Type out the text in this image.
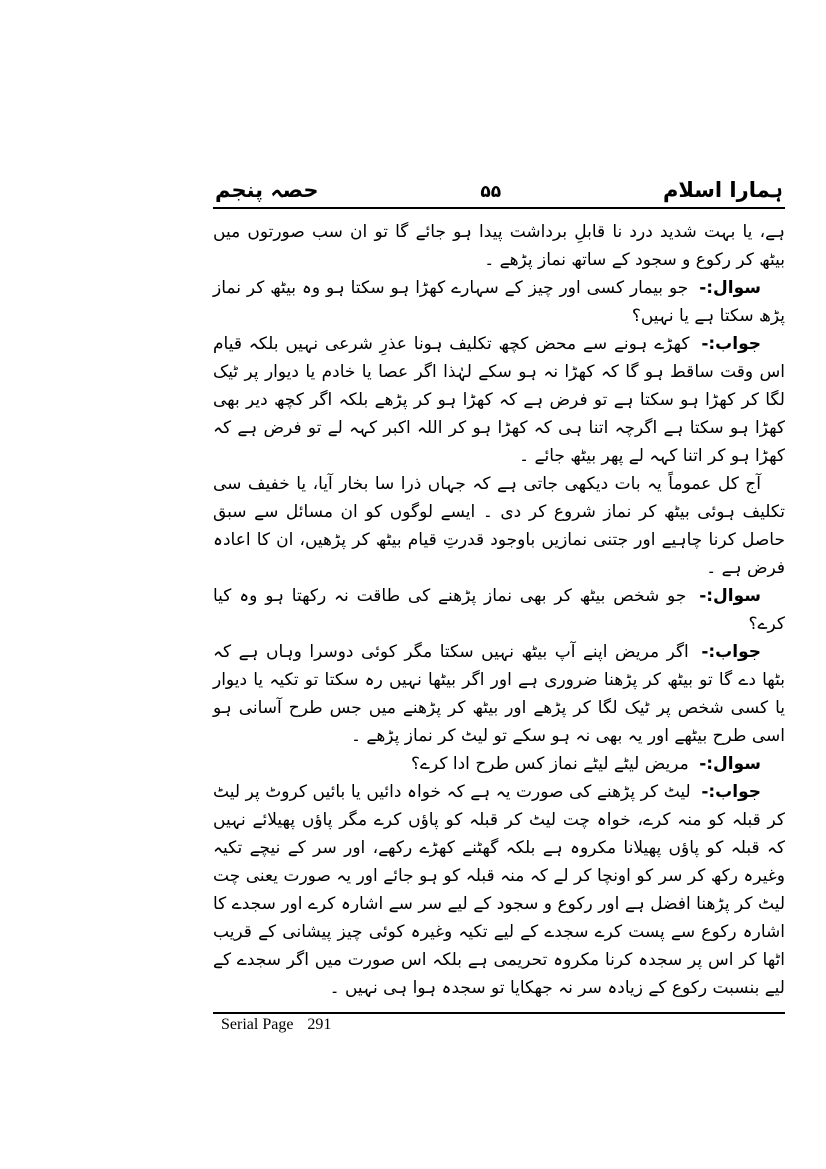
ہمارا اسلام
۵۵
حصہ پنجم

ہے، یا بہت شدید درد نا قابلِ برداشت پیدا ہو جائے گا تو ان سب صورتوں میں بیٹھ کر رکوع و سجود کے ساتھ نماز پڑھے ۔

سوال:- جو بیمار کسی اور چیز کے سہارے کھڑا ہو سکتا ہو وہ بیٹھ کر نماز پڑھ سکتا ہے یا نہیں؟

جواب:- کھڑے ہونے سے محض کچھ تکلیف ہونا عذرِ شرعی نہیں بلکہ قیام اس وقت ساقط ہو گا کہ کھڑا نہ ہو سکے لہٰذا اگر عصا یا خادم یا دیوار پر ٹیک لگا کر کھڑا ہو سکتا ہے تو فرض ہے کہ کھڑا ہو کر پڑھے بلکہ اگر کچھ دیر بھی کھڑا ہو سکتا ہے اگرچہ اتنا ہی کہ کھڑا ہو کر اللہ اکبر کہہ لے تو فرض ہے کہ کھڑا ہو کر اتنا کہہ لے پھر بیٹھ جائے ۔

آج کل عموماً یہ بات دیکھی جاتی ہے کہ جہاں ذرا سا بخار آیا، یا خفیف سی تکلیف ہوئی بیٹھ کر نماز شروع کر دی ۔ ایسے لوگوں کو ان مسائل سے سبق حاصل کرنا چاہیے اور جتنی نمازیں باوجود قدرتِ قیام بیٹھ کر پڑھیں، ان کا اعادہ فرض ہے ۔

سوال:- جو شخص بیٹھ کر بھی نماز پڑھنے کی طاقت نہ رکھتا ہو وہ کیا کرے؟

جواب:- اگر مریض اپنے آپ بیٹھ نہیں سکتا مگر کوئی دوسرا وہاں ہے کہ بٹھا دے گا تو بیٹھ کر پڑھنا ضروری ہے اور اگر بیٹھا نہیں رہ سکتا تو تکیہ یا دیوار یا کسی شخص پر ٹیک لگا کر پڑھے اور بیٹھ کر پڑھنے میں جس طرح آسانی ہو اسی طرح بیٹھے اور یہ بھی نہ ہو سکے تو لیٹ کر نماز پڑھے ۔

سوال:- مریض لیٹے لیٹے نماز کس طرح ادا کرے؟

جواب:- لیٹ کر پڑھنے کی صورت یہ ہے کہ خواہ دائیں یا بائیں کروٹ پر لیٹ کر قبلہ کو منہ کرے، خواہ چت لیٹ کر قبلہ کو پاؤں کرے مگر پاؤں پھیلائے نہیں کہ قبلہ کو پاؤں پھیلانا مکروہ ہے بلکہ گھٹنے کھڑے رکھے، اور سر کے نیچے تکیہ وغیرہ رکھ کر سر کو اونچا کر لے کہ منہ قبلہ کو ہو جائے اور یہ صورت یعنی چت لیٹ کر پڑھنا افضل ہے اور رکوع و سجود کے لیے سر سے اشارہ کرے اور سجدے کا اشارہ رکوع سے پست کرے سجدے کے لیے تکیہ وغیرہ کوئی چیز پیشانی کے قریب اٹھا کر اس پر سجدہ کرنا مکروہ تحریمی ہے بلکہ اس صورت میں اگر سجدے کے لیے بنسبت رکوع کے زیادہ سر نہ جھکایا تو سجدہ ہوا ہی نہیں ۔

Serial Page 291
